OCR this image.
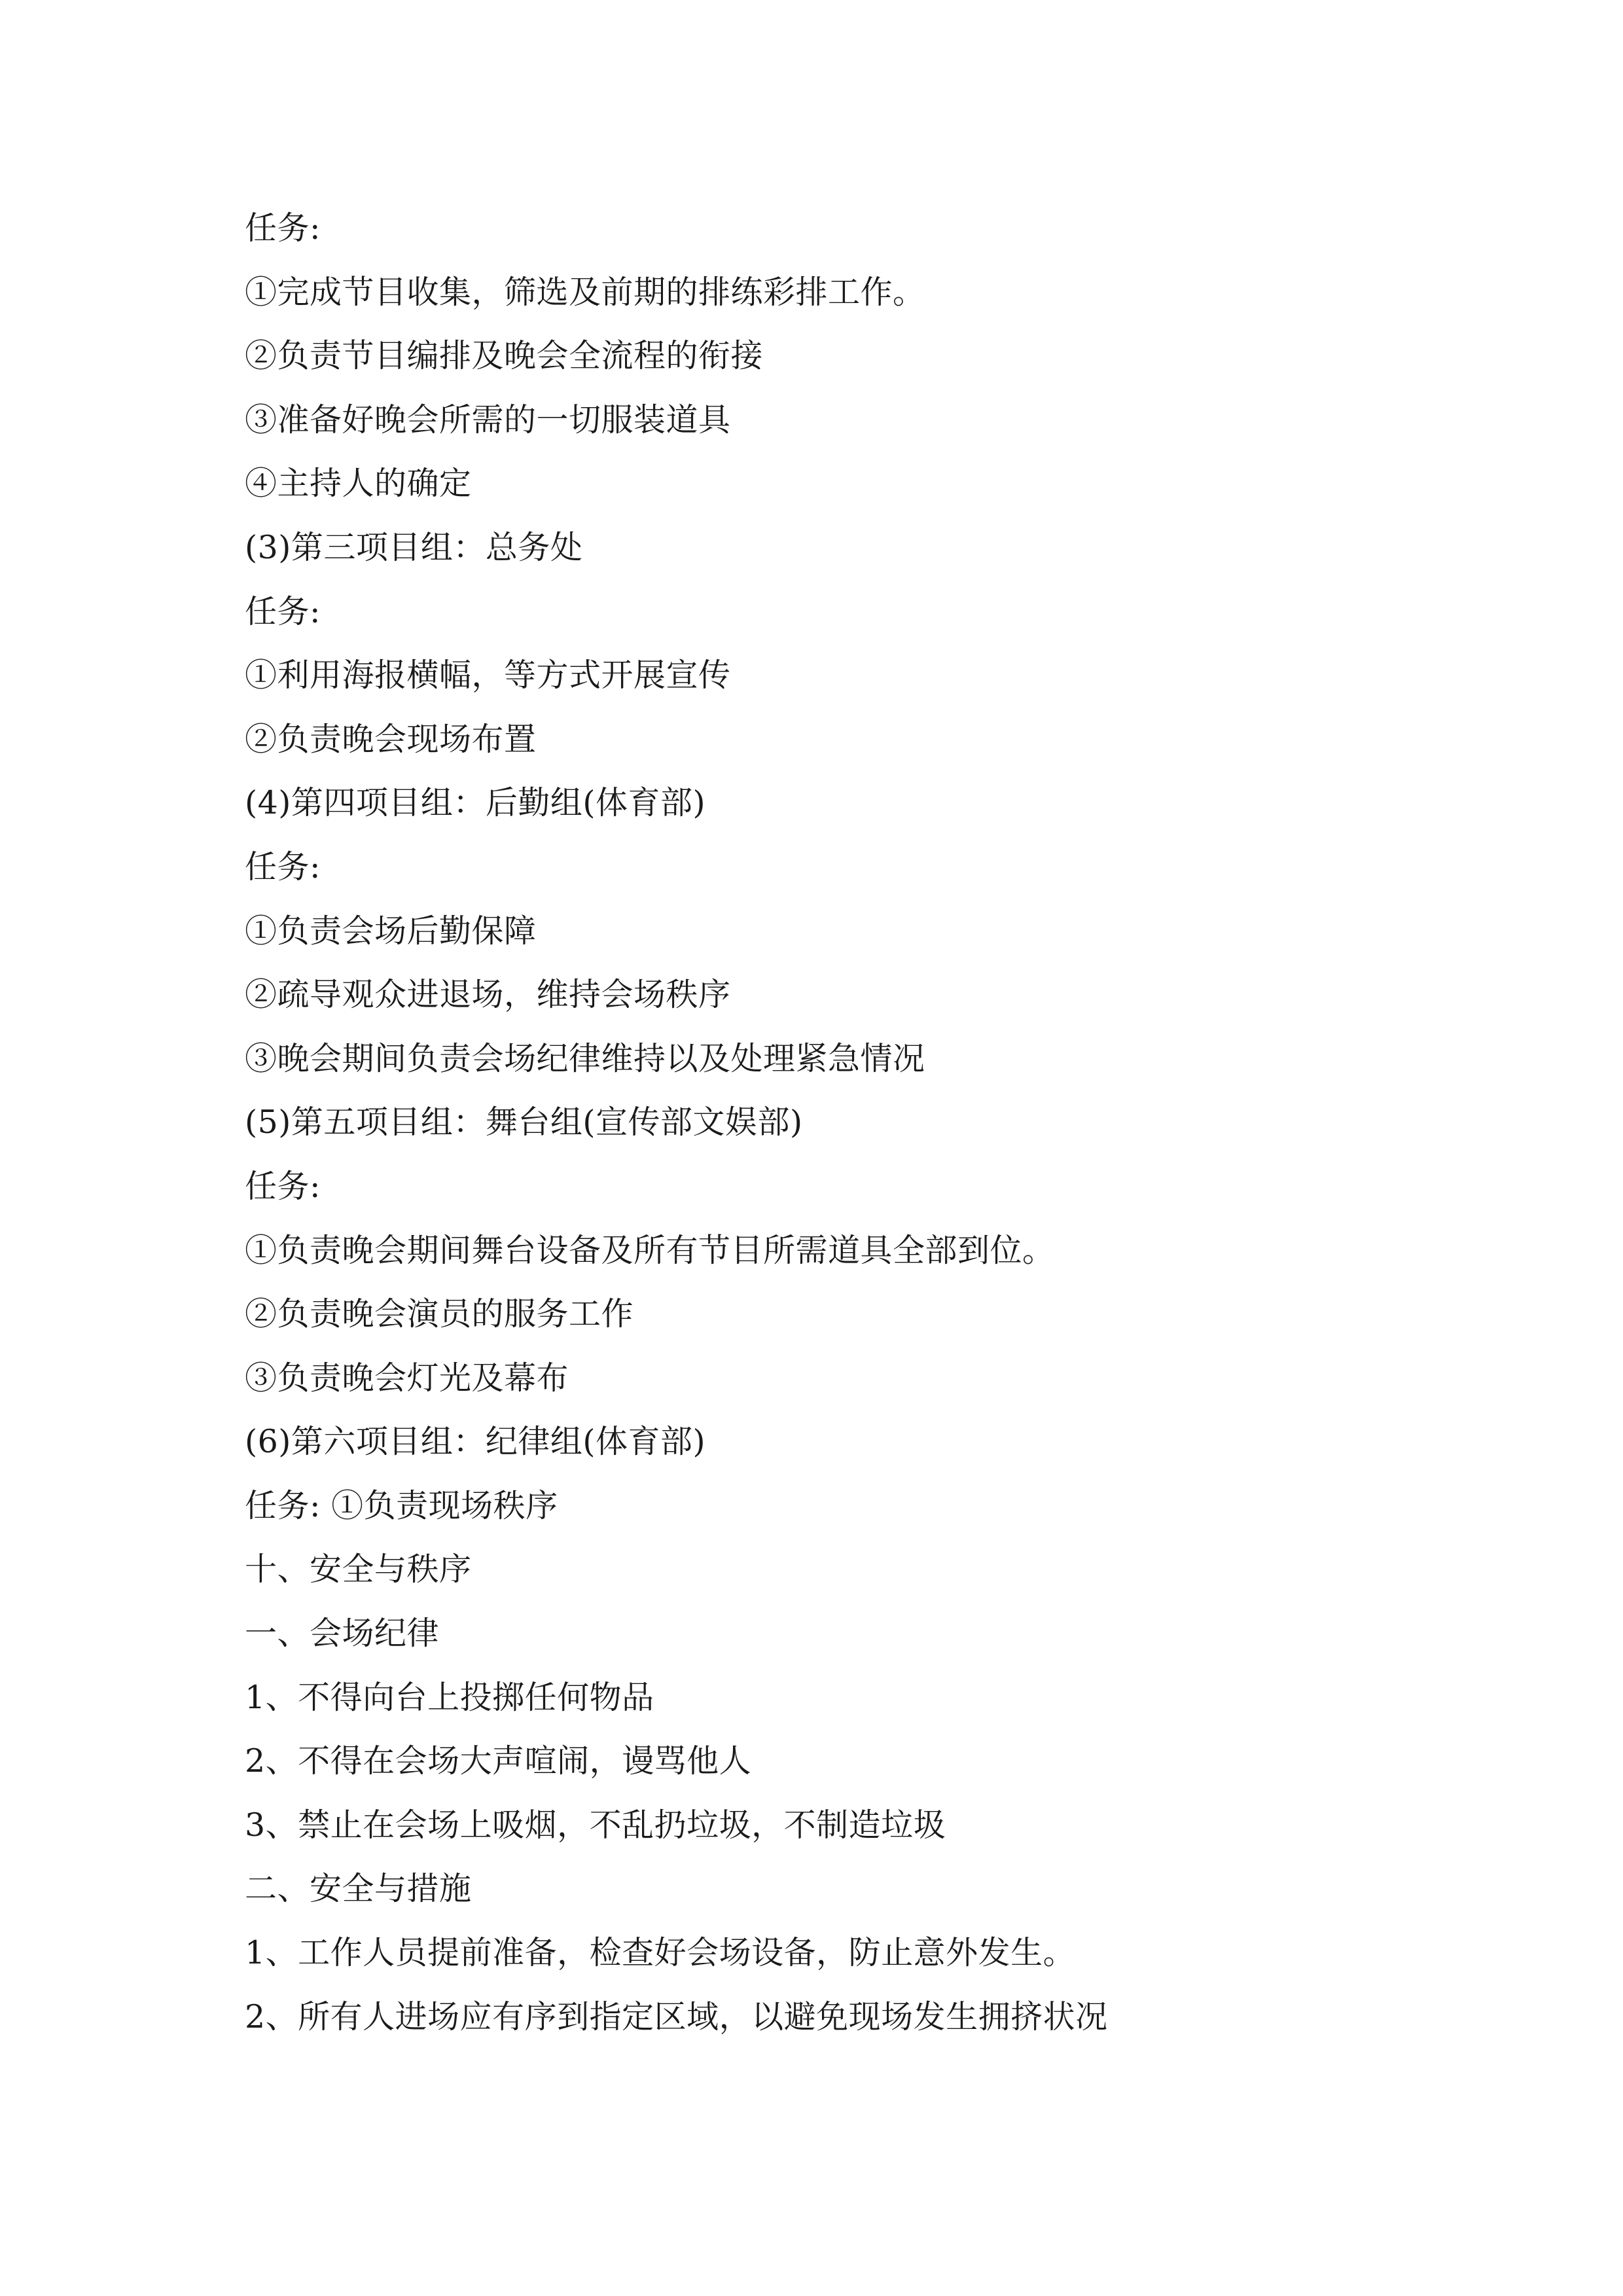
任务:
①完成节目收集，筛选及前期的排练彩排工作。
②负责节目编排及晚会全流程的衔接
③准备好晚会所需的一切服装道具
④主持人的确定
(3)第三项目组：总务处
任务:
①利用海报横幅，等方式开展宣传
②负责晚会现场布置
(4)第四项目组：后勤组(体育部)
任务:
①负责会场后勤保障
②疏导观众进退场，维持会场秩序
③晚会期间负责会场纪律维持以及处理紧急情况
(5)第五项目组：舞台组(宣传部文娱部)
任务:
①负责晚会期间舞台设备及所有节目所需道具全部到位。
②负责晚会演员的服务工作
③负责晚会灯光及幕布
(6)第六项目组：纪律组(体育部)
任务: ①负责现场秩序
十、安全与秩序
一、会场纪律
1、不得向台上投掷任何物品
2、不得在会场大声喧闹，谩骂他人
3、禁止在会场上吸烟，不乱扔垃圾，不制造垃圾
二、安全与措施
1、工作人员提前准备，检查好会场设备，防止意外发生。
2、所有人进场应有序到指定区域，以避免现场发生拥挤状况
